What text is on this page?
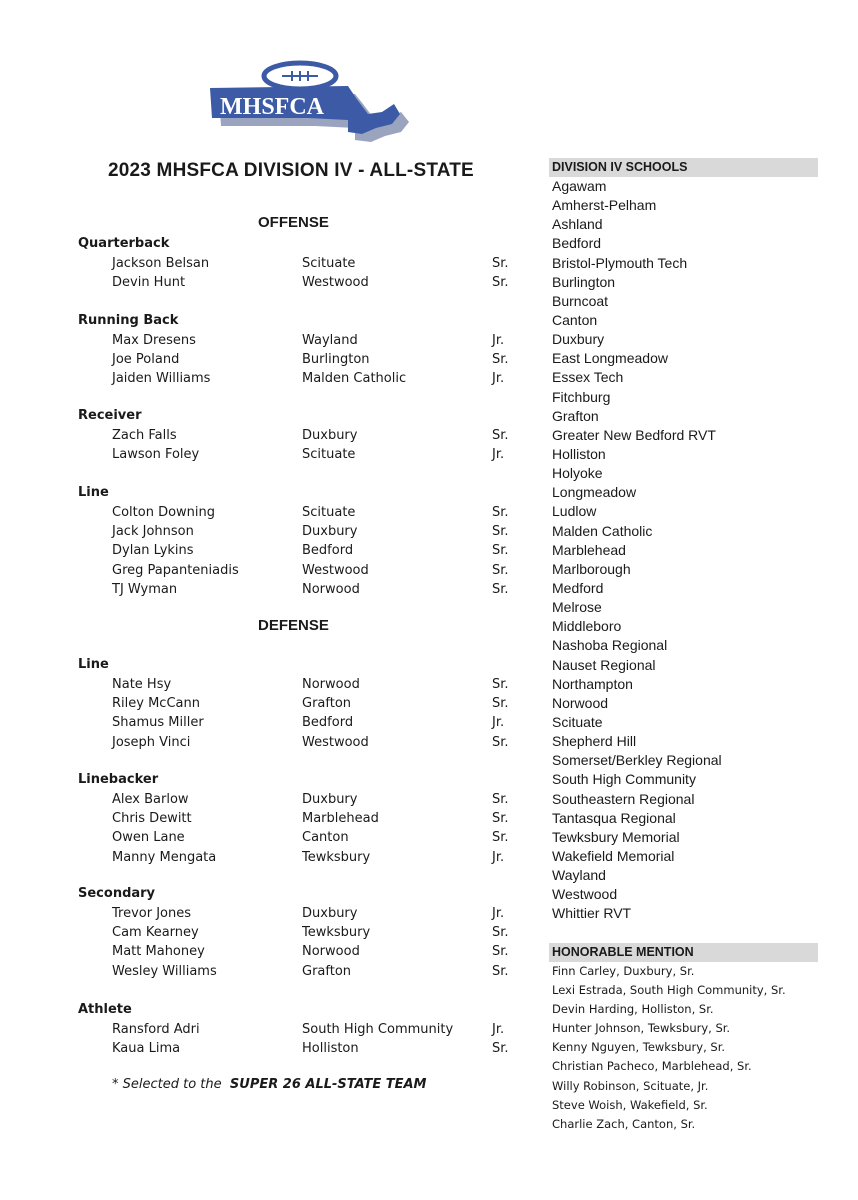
MHSFCA
2023 MHSFCA DIVISION IV - ALL-STATE
OFFENSE
Quarterback
Jackson Belsan	Scituate	Sr.
Devin Hunt	Westwood	Sr.
Running Back
Max Dresens	Wayland	Jr.
Joe Poland	Burlington	Sr.
Jaiden Williams	Malden Catholic	Jr.
Receiver
Zach Falls	Duxbury	Sr.
Lawson Foley	Scituate	Jr.
Line
Colton Downing	Scituate	Sr.
Jack Johnson	Duxbury	Sr.
Dylan Lykins	Bedford	Sr.
Greg Papanteniadis	Westwood	Sr.
TJ Wyman	Norwood	Sr.
DEFENSE
Line
Nate Hsy	Norwood	Sr.
Riley McCann	Grafton	Sr.
Shamus Miller	Bedford	Jr.
Joseph Vinci	Westwood	Sr.
Linebacker
Alex Barlow	Duxbury	Sr.
Chris Dewitt	Marblehead	Sr.
Owen Lane	Canton	Sr.
Manny Mengata	Tewksbury	Jr.
Secondary
Trevor Jones	Duxbury	Jr.
Cam Kearney	Tewksbury	Sr.
Matt Mahoney	Norwood	Sr.
Wesley Williams	Grafton	Sr.
Athlete
Ransford Adri	South High Community	Jr.
Kaua Lima	Holliston	Sr.
* Selected to the SUPER 26 ALL-STATE TEAM
DIVISION IV SCHOOLS
Agawam
Amherst-Pelham
Ashland
Bedford
Bristol-Plymouth Tech
Burlington
Burncoat
Canton
Duxbury
East Longmeadow
Essex Tech
Fitchburg
Grafton
Greater New Bedford RVT
Holliston
Holyoke
Longmeadow
Ludlow
Malden Catholic
Marblehead
Marlborough
Medford
Melrose
Middleboro
Nashoba Regional
Nauset Regional
Northampton
Norwood
Scituate
Shepherd Hill
Somerset/Berkley Regional
South High Community
Southeastern Regional
Tantasqua Regional
Tewksbury Memorial
Wakefield Memorial
Wayland
Westwood
Whittier RVT
HONORABLE MENTION
Finn Carley, Duxbury, Sr.
Lexi Estrada, South High Community, Sr.
Devin Harding, Holliston, Sr.
Hunter Johnson, Tewksbury, Sr.
Kenny Nguyen, Tewksbury, Sr.
Christian Pacheco, Marblehead, Sr.
Willy Robinson, Scituate, Jr.
Steve Woish, Wakefield, Sr.
Charlie Zach, Canton, Sr.
